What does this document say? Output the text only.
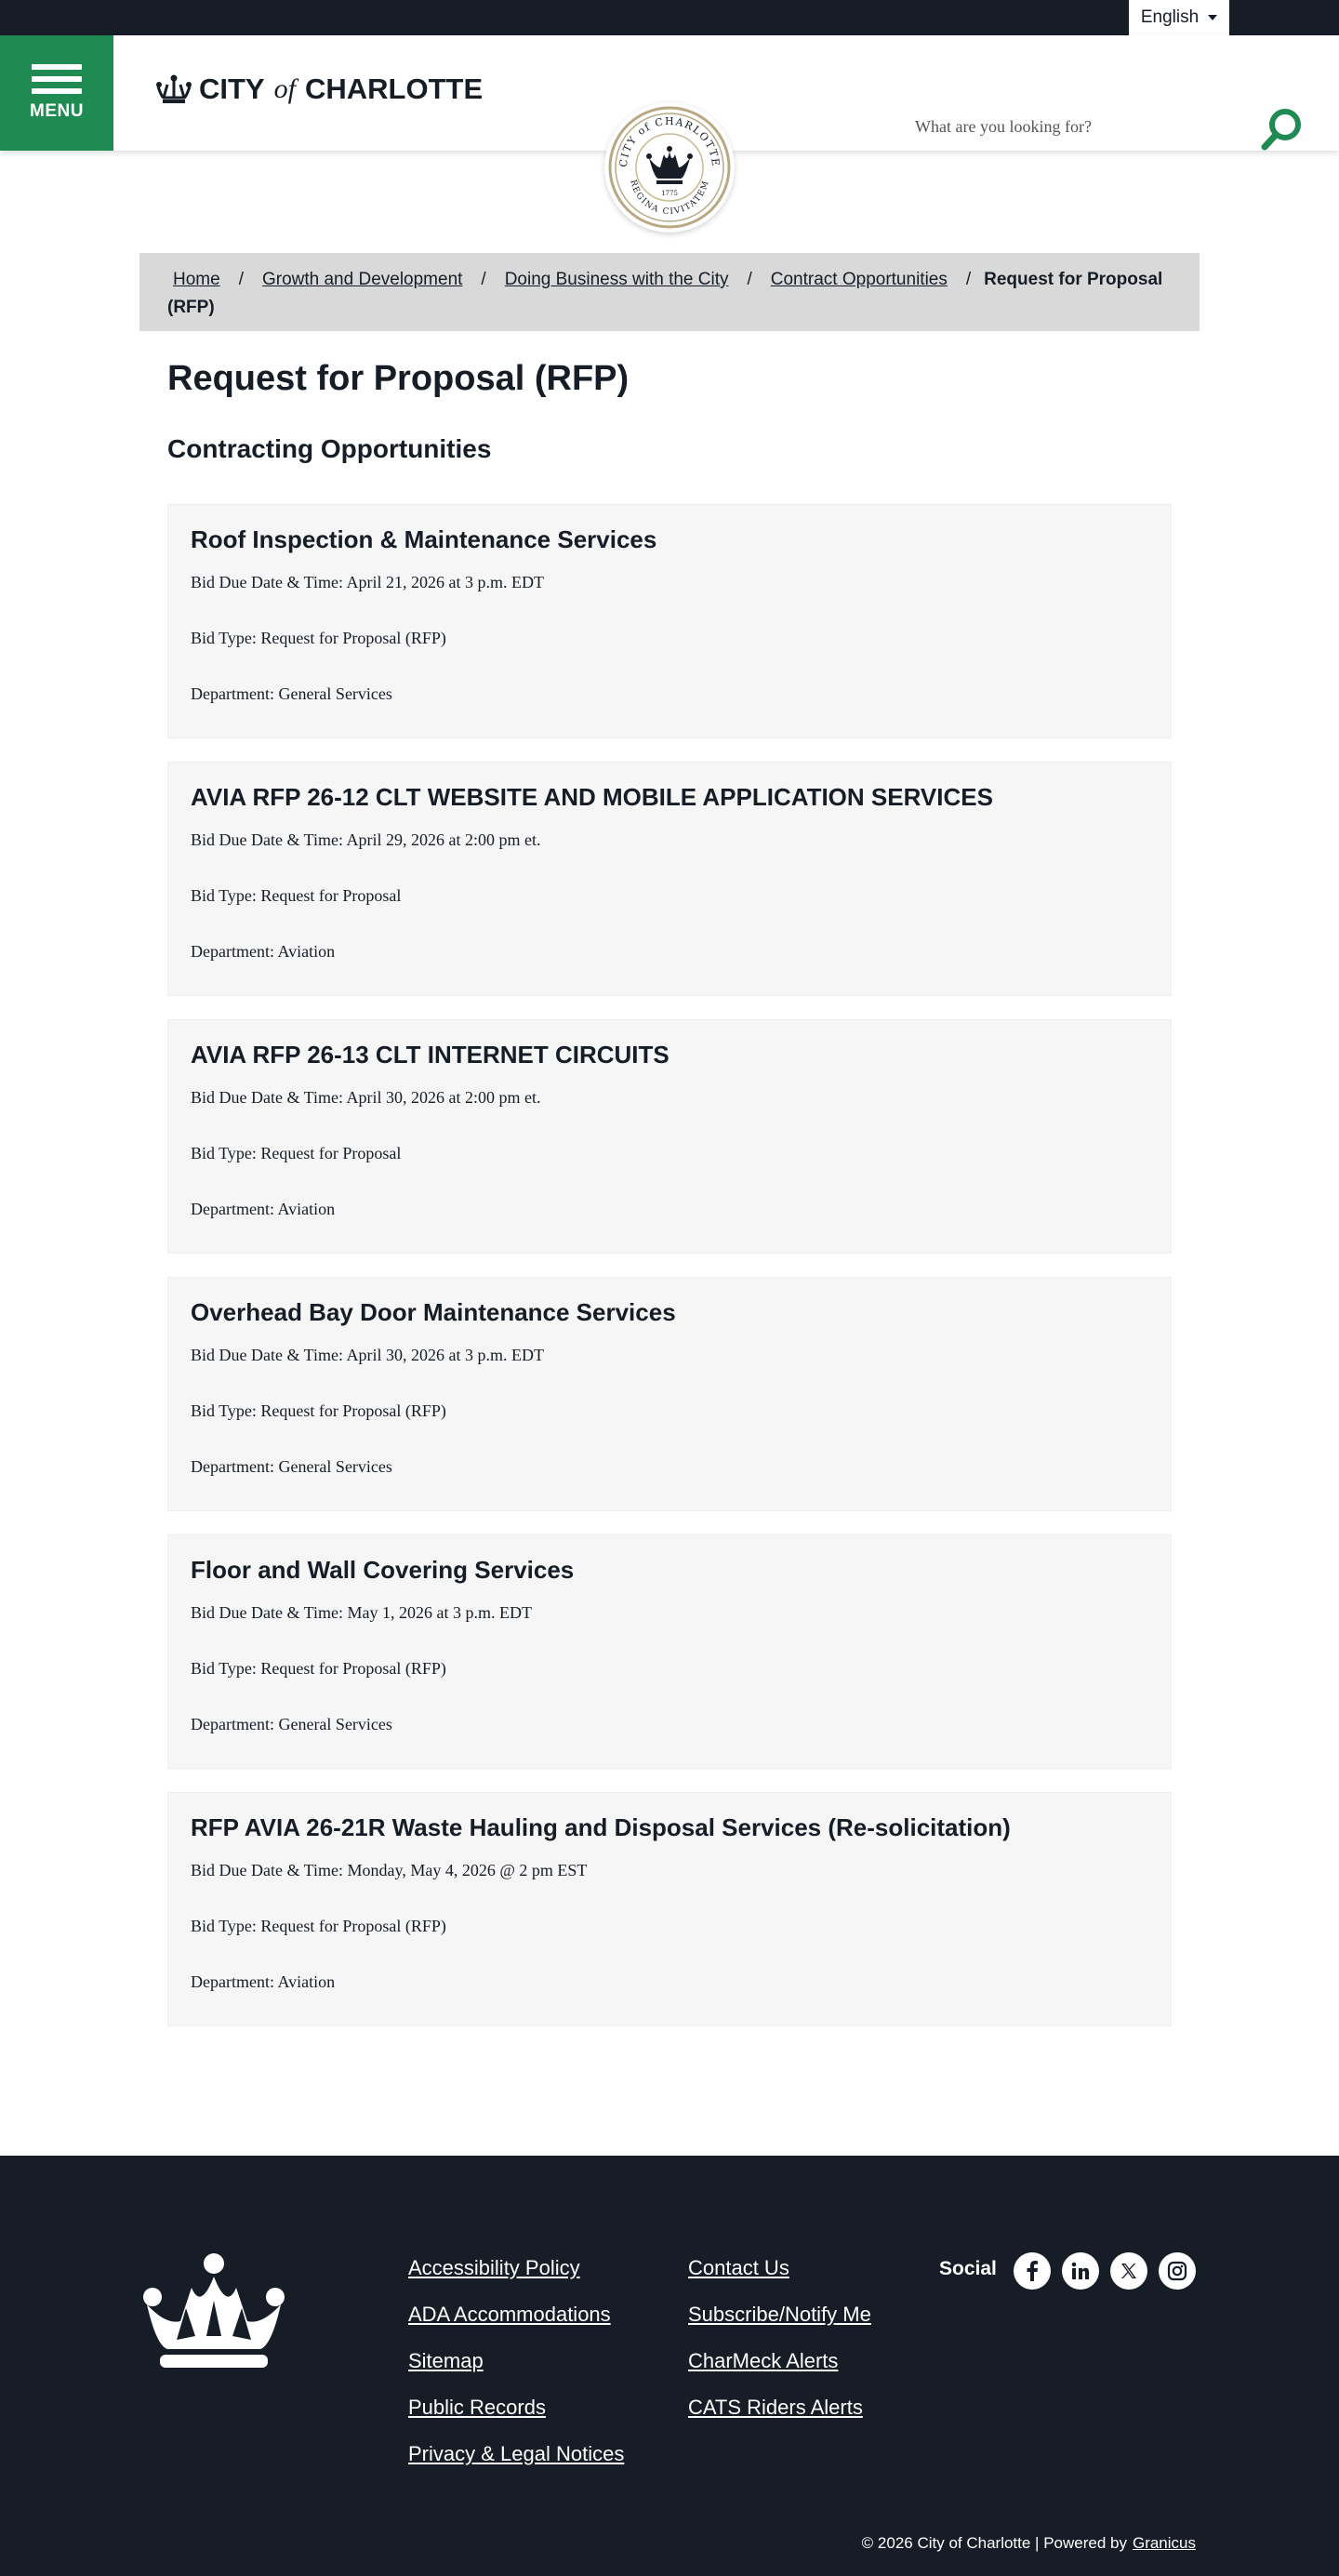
English
MENU
CITY of CHARLOTTE
CITY of CHARLOTTE
REGINA CIVITATEM
1775
What are you looking for?
Home / Growth and Development / Doing Business with the City / Contract Opportunities / Request for Proposal (RFP)
Request for Proposal (RFP)
Contracting Opportunities
Roof Inspection & Maintenance Services
Bid Due Date & Time: April 21, 2026 at 3 p.m. EDT
Bid Type: Request for Proposal (RFP)
Department: General Services
AVIA RFP 26-12 CLT WEBSITE AND MOBILE APPLICATION SERVICES
Bid Due Date & Time: April 29, 2026 at 2:00 pm et.
Bid Type: Request for Proposal
Department: Aviation
AVIA RFP 26-13 CLT INTERNET CIRCUITS
Bid Due Date & Time: April 30, 2026 at 2:00 pm et.
Bid Type: Request for Proposal
Department: Aviation
Overhead Bay Door Maintenance Services
Bid Due Date & Time: April 30, 2026 at 3 p.m. EDT
Bid Type: Request for Proposal (RFP)
Department: General Services
Floor and Wall Covering Services
Bid Due Date & Time: May 1, 2026 at 3 p.m. EDT
Bid Type: Request for Proposal (RFP)
Department: General Services
RFP AVIA 26-21R Waste Hauling and Disposal Services (Re-solicitation)
Bid Due Date & Time: Monday, May 4, 2026 @ 2 pm EST
Bid Type: Request for Proposal (RFP)
Department: Aviation
Accessibility Policy
ADA Accommodations
Sitemap
Public Records
Privacy & Legal Notices
Contact Us
Subscribe/Notify Me
CharMeck Alerts
CATS Riders Alerts
Social
© 2026 City of Charlotte | Powered by Granicus
